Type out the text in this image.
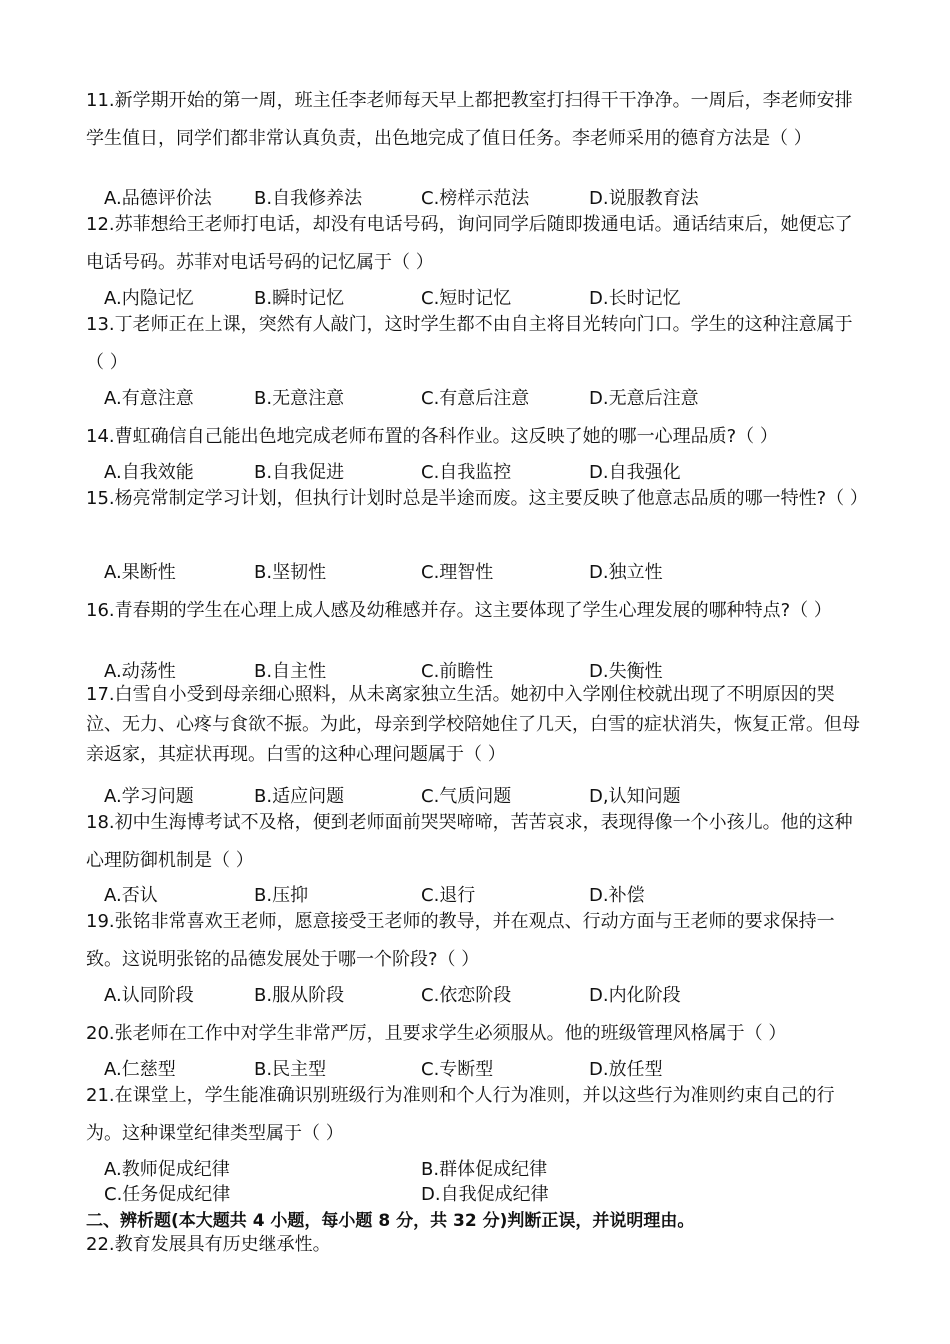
11.新学期开始的第一周，班主任李老师每天早上都把教室打扫得干干净净。一周后，李老师安排学生值日，同学们都非常认真负责，出色地完成了值日任务。李老师采用的德育方法是（ ）

A.品德评价法 B.自我修养法	C.榜样示范法	D.说服教育法

12.苏菲想给王老师打电话，却没有电话号码，询问同学后随即拨通电话。通话结束后，她便忘了电话号码。苏菲对电话号码的记忆属于（ ）

A.内隐记忆	B.瞬时记忆	C.短时记忆	D.长时记忆

13.丁老师正在上课，突然有人敲门，这时学生都不由自主将目光转向门口。学生的这种注意属于（ ）

A.有意注意	B.无意注意	C.有意后注意	D.无意后注意

14.曹虹确信自己能出色地完成老师布置的各科作业。这反映了她的哪一心理品质?（ ）

A.自我效能	B.自我促进	C.自我监控	D.自我强化

15.杨亮常制定学习计划，但执行计划时总是半途而废。这主要反映了他意志品质的哪一特性?（ ）

A.果断性	B.坚韧性	C.理智性	D.独立性

16.青春期的学生在心理上成人感及幼稚感并存。这主要体现了学生心理发展的哪种特点?（ ）

A.动荡性	B.自主性	C.前瞻性	D.失衡性

17.白雪自小受到母亲细心照料，从未离家独立生活。她初中入学刚住校就出现了不明原因的哭泣、无力、心疼与食欲不振。为此，母亲到学校陪她住了几天，白雪的症状消失，恢复正常。但母亲返家，其症状再现。白雪的这种心理问题属于（ ）

A.学习问题	B.适应问题	C.气质问题	D,认知问题

18.初中生海博考试不及格，便到老师面前哭哭啼啼，苦苦哀求，表现得像一个小孩儿。他的这种心理防御机制是（ ）

A.否认	B.压抑	C.退行	D.补偿

19.张铭非常喜欢王老师，愿意接受王老师的教导，并在观点、行动方面与王老师的要求保持一致。这说明张铭的品德发展处于哪一个阶段?（ ）

A.认同阶段	B.服从阶段	C.依恋阶段	D.内化阶段

20.张老师在工作中对学生非常严厉，且要求学生必须服从。他的班级管理风格属于（ ）

A.仁慈型	B.民主型	C.专断型	D.放任型

21.在课堂上，学生能准确识别班级行为准则和个人行为准则，并以这些行为准则约束自己的行为。这种课堂纪律类型属于（ ）

A.教师促成纪律	B.群体促成纪律
C.任务促成纪律	D.自我促成纪律
二、辨析题(本大题共 4 小题，每小题 8 分，共 32 分)判断正误，并说明理由。
22.教育发展具有历史继承性。
